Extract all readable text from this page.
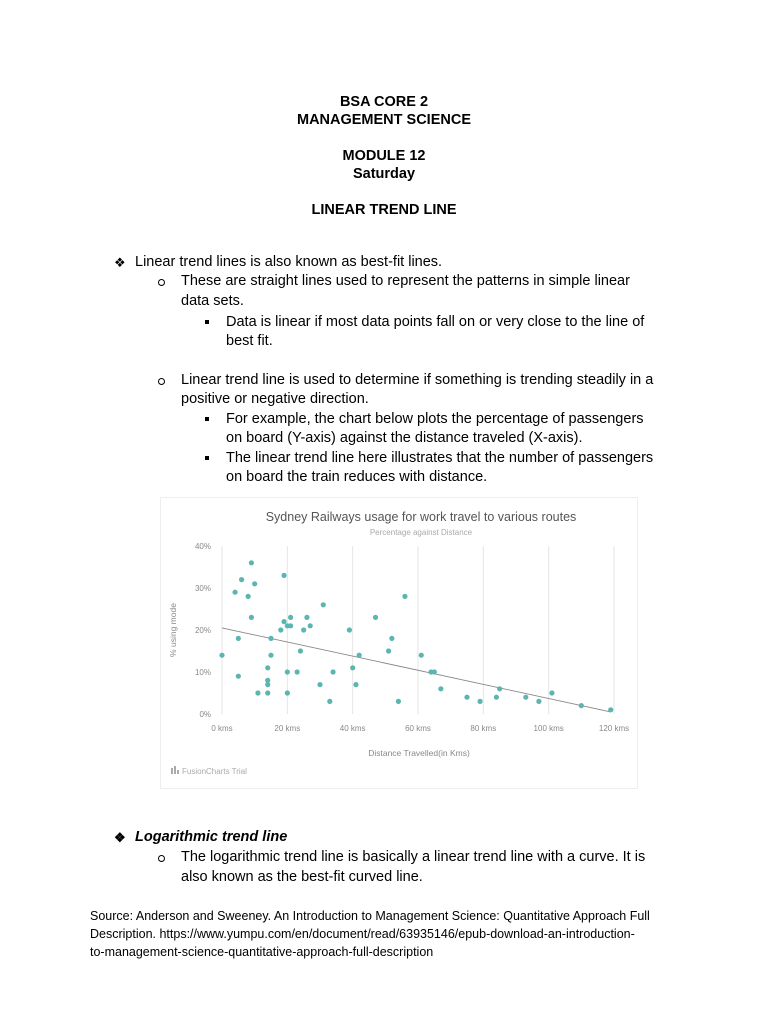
BSA CORE 2
MANAGEMENT SCIENCE
MODULE 12
Saturday
LINEAR TREND LINE
❖ Linear trend lines is also known as best-fit lines.
These are straight lines used to represent the patterns in simple linear
data sets.
Data is linear if most data points fall on or very close to the line of
best fit.
Linear trend line is used to determine if something is trending steadily in a
positive or negative direction.
For example, the chart below plots the percentage of passengers
on board (Y-axis) against the distance traveled (X-axis).
The linear trend line here illustrates that the number of passengers
on board the train reduces with distance.
Sydney Railways usage for work travel to various routes
Percentage against Distance
0 kms	20 kms	40 kms	60 kms	80 kms	100 kms	120 kms
0%
10%
20%
30%
40%
% using mode
Distance Travelled(in Kms)
FusionCharts Trial
❖ Logarithmic trend line
The logarithmic trend line is basically a linear trend line with a curve. It is
also known as the best-fit curved line.
Source: Anderson and Sweeney. An Introduction to Management Science: Quantitative Approach Full
Description. https://www.yumpu.com/en/document/read/63935146/epub-download-an-introduction-
to-management-science-quantitative-approach-full-description
